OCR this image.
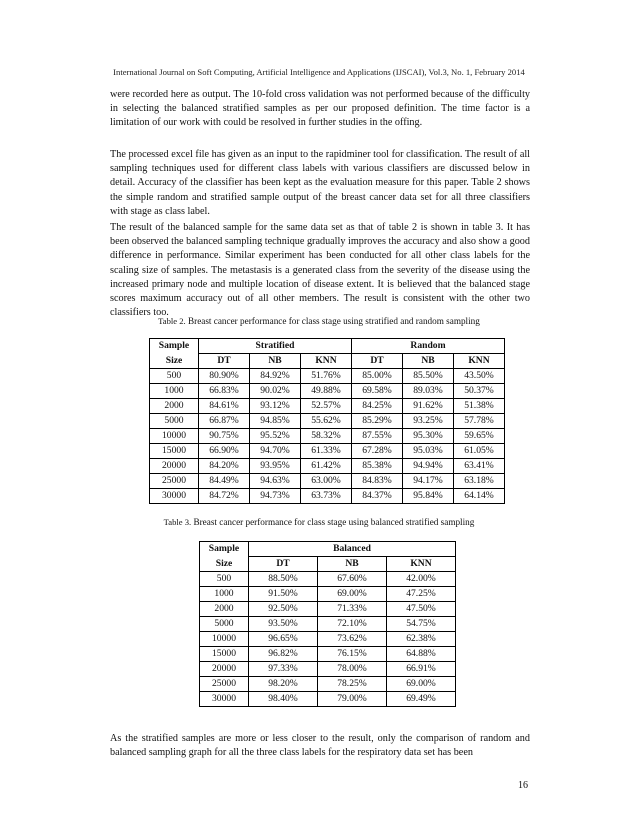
International Journal on Soft Computing, Artificial Intelligence and Applications (IJSCAI), Vol.3, No. 1, February 2014

were recorded here as output. The 10-fold cross validation was not performed because of the difficulty in selecting the balanced stratified samples as per our proposed definition. The time factor is a limitation of our work with could be resolved in further studies in the offing.

The processed excel file has given as an input to the rapidminer tool for classification. The result of all sampling techniques used for different class labels with various classifiers are discussed below in detail. Accuracy of the classifier has been kept as the evaluation measure for this paper. Table 2 shows the simple random and stratified sample output of the breast cancer data set for all three classifiers with stage as class label.

The result of the balanced sample for the same data set as that of table 2 is shown in table 3. It has been observed the balanced sampling technique gradually improves the accuracy and also show a good difference in performance. Similar experiment has been conducted for all other class labels for the scaling size of samples. The metastasis is a generated class from the severity of the disease using the increased primary node and multiple location of disease extent. It is believed that the balanced stage scores maximum accuracy out of all other members. The result is consistent with the other two classifiers too.

Table 2. Breast cancer performance for class stage using stratified and random sampling
Sample	Stratified			Random		
Size	DT	NB	KNN	DT	NB	KNN
500	80.90%	84.92%	51.76%	85.00%	85.50%	43.50%
1000	66.83%	90.02%	49.88%	69.58%	89.03%	50.37%
2000	84.61%	93.12%	52.57%	84.25%	91.62%	51.38%
5000	66.87%	94.85%	55.62%	85.29%	93.25%	57.78%
10000	90.75%	95.52%	58.32%	87.55%	95.30%	59.65%
15000	66.90%	94.70%	61.33%	67.28%	95.03%	61.05%
20000	84.20%	93.95%	61.42%	85.38%	94.94%	63.41%
25000	84.49%	94.63%	63.00%	84.83%	94.17%	63.18%
30000	84.72%	94.73%	63.73%	84.37%	95.84%	64.14%
Table 3. Breast cancer performance for class stage using balanced stratified sampling
Sample	Balanced		
Size	DT	NB	KNN
500	88.50%	67.60%	42.00%
1000	91.50%	69.00%	47.25%
2000	92.50%	71.33%	47.50%
5000	93.50%	72.10%	54.75%
10000	96.65%	73.62%	62.38%
15000	96.82%	76.15%	64.88%
20000	97.33%	78.00%	66.91%
25000	98.20%	78.25%	69.00%
30000	98.40%	79.00%	69.49%

As the stratified samples are more or less closer to the result, only the comparison of random and balanced sampling graph for all the three class labels for the respiratory data set has been

16
